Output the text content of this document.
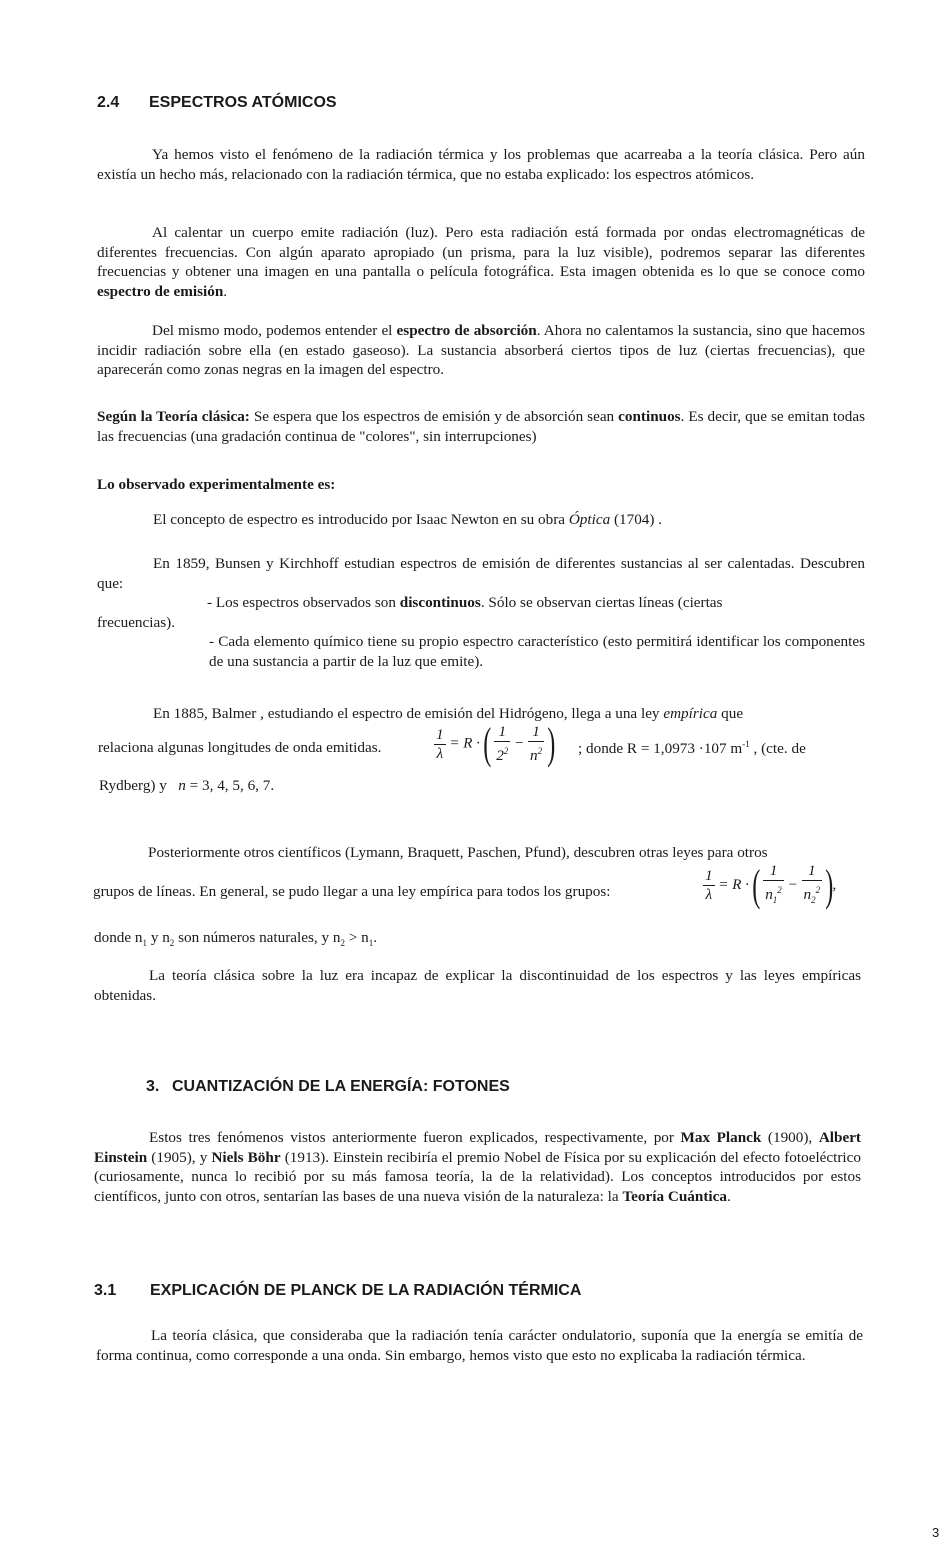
2.4 ESPECTROS ATÓMICOS

Ya hemos visto el fenómeno de la radiación térmica y los problemas que acarreaba a la teoría clásica. Pero aún existía un hecho más, relacionado con la radiación térmica, que no estaba explicado: los espectros atómicos.

Al calentar un cuerpo emite radiación (luz). Pero esta radiación está formada por ondas electromagnéticas de diferentes frecuencias. Con algún aparato apropiado (un prisma, para la luz visible), podremos separar las diferentes frecuencias y obtener una imagen en una pantalla o película fotográfica. Esta imagen obtenida es lo que se conoce como espectro de emisión.

Del mismo modo, podemos entender el espectro de absorción. Ahora no calentamos la sustancia, sino que hacemos incidir radiación sobre ella (en estado gaseoso). La sustancia absorberá ciertos tipos de luz (ciertas frecuencias), que aparecerán como zonas negras en la imagen del espectro.

Según la Teoría clásica: Se espera que los espectros de emisión y de absorción sean continuos. Es decir, que se emitan todas las frecuencias (una gradación continua de "colores", sin interrupciones)

Lo observado experimentalmente es:

El concepto de espectro es introducido por Isaac Newton en su obra Óptica (1704) .

En 1859, Bunsen y Kirchhoff estudian espectros de emisión de diferentes sustancias al ser calentadas. Descubren que:

- Los espectros observados son discontinuos. Sólo se observan ciertas líneas (ciertas
frecuencias).

- Cada elemento químico tiene su propio espectro característico (esto permitirá identificar los componentes de una sustancia a partir de la luz que emite).

En 1885, Balmer , estudiando el espectro de emisión del Hidrógeno, llega a una ley empírica que

relaciona algunas longitudes de onda emitidas.	$\frac{1}{\lambda} = R$ · ( $\frac{1}{2^2} - \frac{1}{n^2}$ ) ; donde R = 1,0973 ·107 $m^{-1}$ , (cte. de

Rydberg) y n = 3, 4, 5, 6, 7.

Posteriormente otros científicos (Lymann, Braquett, Paschen, Pfund), descubren otras leyes para otros

grupos de líneas. En general, se pudo llegar a una ley empírica para todos los grupos:	$\frac{1}{\lambda} = R$ · ( $\frac{1}{n_1^2} - \frac{1}{n_2^2}$ ),

donde $n_1$ y $n_2$ son números naturales, y $n_2 > n_1$.

La teoría clásica sobre la luz era incapaz de explicar la discontinuidad de los espectros y las leyes empíricas obtenidas.

3. CUANTIZACIÓN DE LA ENERGÍA: FOTONES

Estos tres fenómenos vistos anteriormente fueron explicados, respectivamente, por Max Planck (1900), Albert Einstein (1905), y Niels Böhr (1913). Einstein recibiría el premio Nobel de Física por su explicación del efecto fotoeléctrico (curiosamente, nunca lo recibió por su más famosa teoría, la de la relatividad). Los conceptos introducidos por estos científicos, junto con otros, sentarían las bases de una nueva visión de la naturaleza: la Teoría Cuántica.

3.1 EXPLICACIÓN DE PLANCK DE LA RADIACIÓN TÉRMICA

La teoría clásica, que consideraba que la radiación tenía carácter ondulatorio, suponía que la energía se emitía de forma continua, como corresponde a una onda. Sin embargo, hemos visto que esto no explicaba la radiación térmica.

3
